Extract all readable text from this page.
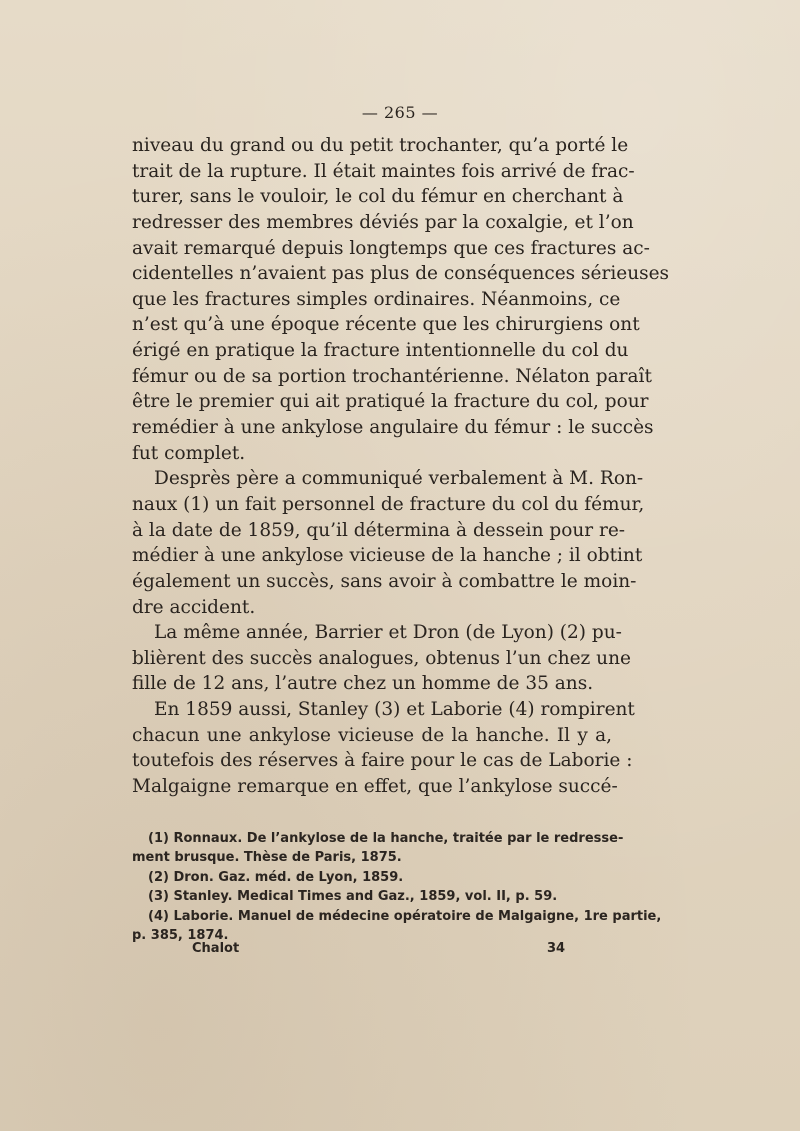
— 265 —
niveau du grand ou du petit trochanter, qu’a porté le
trait de la rupture. Il était maintes fois arrivé de frac-
turer, sans le vouloir, le col du fémur en cherchant à
redresser des membres déviés par la coxalgie, et l’on
avait remarqué depuis longtemps que ces fractures ac-
cidentelles n’avaient pas plus de conséquences sérieuses
que les fractures simples ordinaires. Néanmoins, ce
n’est qu’à une époque récente que les chirurgiens ont
érigé en pratique la fracture intentionnelle du col du
fémur ou de sa portion trochantérienne. Nélaton paraît
être le premier qui ait pratiqué la fracture du col, pour
remédier à une ankylose angulaire du fémur : le succès
fut complet.
Desprès père a communiqué verbalement à M. Ron-
naux (1) un fait personnel de fracture du col du fémur,
à la date de 1859, qu’il détermina à dessein pour re-
médier à une ankylose vicieuse de la hanche ; il obtint
également un succès, sans avoir à combattre le moin-
dre accident.
La même année, Barrier et Dron (de Lyon) (2) pu-
blièrent des succès analogues, obtenus l’un chez une
fille de 12 ans, l’autre chez un homme de 35 ans.
En 1859 aussi, Stanley (3) et Laborie (4) rompirent
chacun une ankylose vicieuse de la hanche. Il y a,
toutefois des réserves à faire pour le cas de Laborie :
Malgaigne remarque en effet, que l’ankylose succé-
(1) Ronnaux. De l’ankylose de la hanche, traitée par le redresse-
ment brusque. Thèse de Paris, 1875.
(2) Dron. Gaz. méd. de Lyon, 1859.
(3) Stanley. Medical Times and Gaz., 1859, vol. II, p. 59.
(4) Laborie. Manuel de médecine opératoire de Malgaigne, 1re partie,
p. 385, 1874.
Chalot	34
